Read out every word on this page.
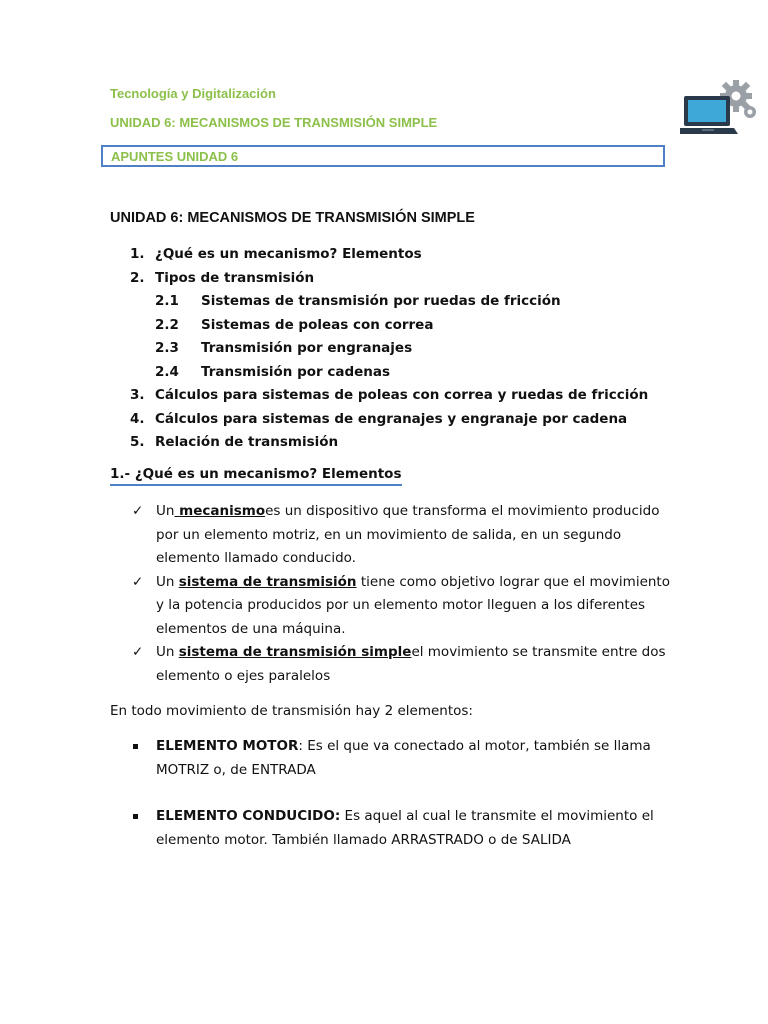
Tecnología y Digitalización

UNIDAD 6: MECANISMOS DE TRANSMISIÓN SIMPLE

APUNTES UNIDAD 6
UNIDAD 6: MECANISMOS DE TRANSMISIÓN SIMPLE
1. ¿Qué es un mecanismo? Elementos
2. Tipos de transmisión
2.1 Sistemas de transmisión por ruedas de fricción
2.2 Sistemas de poleas con correa
2.3 Transmisión por engranajes
2.4 Transmisión por cadenas
3. Cálculos para sistemas de poleas con correa y ruedas de fricción
4. Cálculos para sistemas de engranajes y engranaje por cadena
5. Relación de transmisión
1.- ¿Qué es un mecanismo? Elementos
✓ Un mecanismoes un dispositivo que transforma el movimiento producido por un elemento motriz, en un movimiento de salida, en un segundo elemento llamado conducido.
✓ Un sistema de transmisión tiene como objetivo lograr que el movimiento y la potencia producidos por un elemento motor lleguen a los diferentes elementos de una máquina.
✓ Un sistema de transmisión simpleel movimiento se transmite entre dos elemento o ejes paralelos

En todo movimiento de transmisión hay 2 elementos:

ELEMENTO MOTOR: Es el que va conectado al motor, también se llama MOTRIZ o, de ENTRADA
ELEMENTO CONDUCIDO: Es aquel al cual le transmite el movimiento el elemento motor. También llamado ARRASTRADO o de SALIDA
